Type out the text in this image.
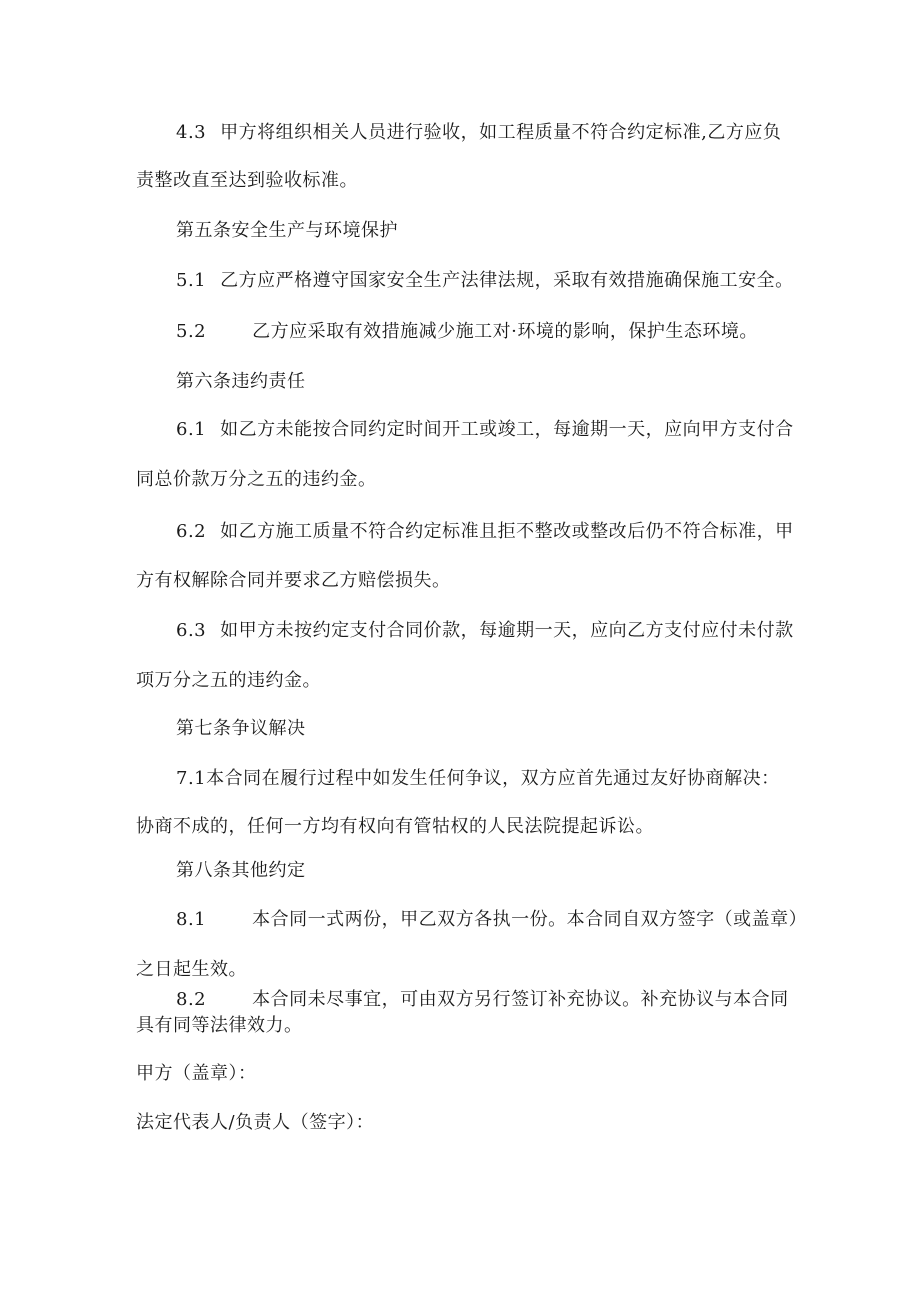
4.3 甲方将组织相关人员进行验收，如工程质量不符合约定标准,乙方应负
责整改直至达到验收标准。
第五条安全生产与环境保护
5.1 乙方应严格遵守国家安全生产法律法规，采取有效措施确保施工安全。
5.2	乙方应采取有效措施减少施工对·环境的影响，保护生态环境。
第六条违约责任
6.1 如乙方未能按合同约定时间开工或竣工，每逾期一天，应向甲方支付合
同总价款万分之五的违约金。
6.2 如乙方施工质量不符合约定标准且拒不整改或整改后仍不符合标准，甲
方有权解除合同并要求乙方赔偿损失。
6.3 如甲方未按约定支付合同价款，每逾期一天，应向乙方支付应付未付款
项万分之五的违约金。
第七条争议解决
7.1本合同在履行过程中如发生任何争议，双方应首先通过友好协商解决：
协商不成的，任何一方均有权向有管牯权的人民法院提起诉讼。
第八条其他约定
8.1	本合同一式两份，甲乙双方各执一份。本合同自双方签字（或盖章）
之日起生效。
8.2	本合同未尽事宜，可由双方另行签订补充协议。补充协议与本合同
具有同等法律效力。
甲方（盖章）：
法定代表人/负责人（签字）：
